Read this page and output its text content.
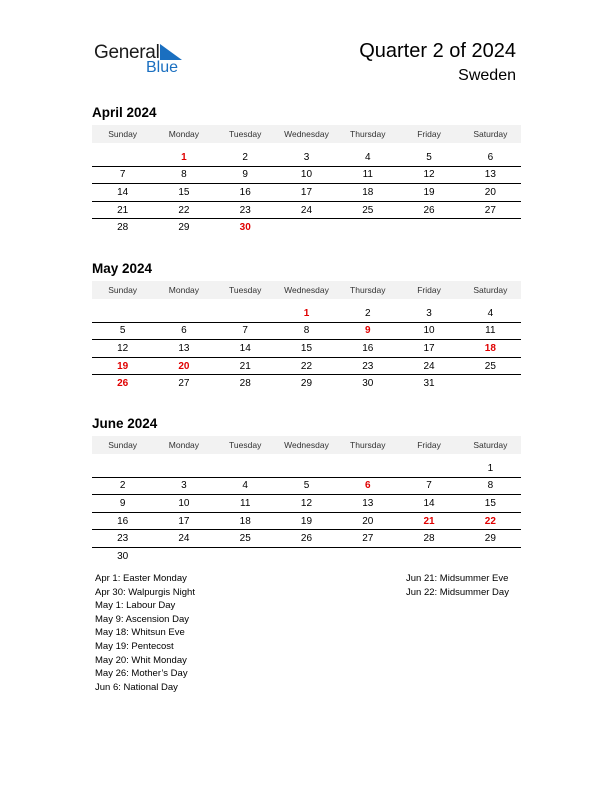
General
Blue
Quarter 2 of 2024
Sweden
April 2024
Sunday	Monday	Tuesday	Wednesday	Thursday	Friday	Saturday

	1	2	3	4	5	6
7	8	9	10	11	12	13
14	15	16	17	18	19	20
21	22	23	24	25	26	27
28	29	30				
May 2024
Sunday	Monday	Tuesday	Wednesday	Thursday	Friday	Saturday

			1	2	3	4
5	6	7	8	9	10	11
12	13	14	15	16	17	18
19	20	21	22	23	24	25
26	27	28	29	30	31	
June 2024
Sunday	Monday	Tuesday	Wednesday	Thursday	Friday	Saturday

						1
2	3	4	5	6	7	8
9	10	11	12	13	14	15
16	17	18	19	20	21	22
23	24	25	26	27	28	29
30						
Apr 1: Easter Monday
Apr 30: Walpurgis Night
May 1: Labour Day
May 9: Ascension Day
May 18: Whitsun Eve
May 19: Pentecost
May 20: Whit Monday
May 26: Mother’s Day
Jun 6: National Day
Jun 21: Midsummer Eve
Jun 22: Midsummer Day
